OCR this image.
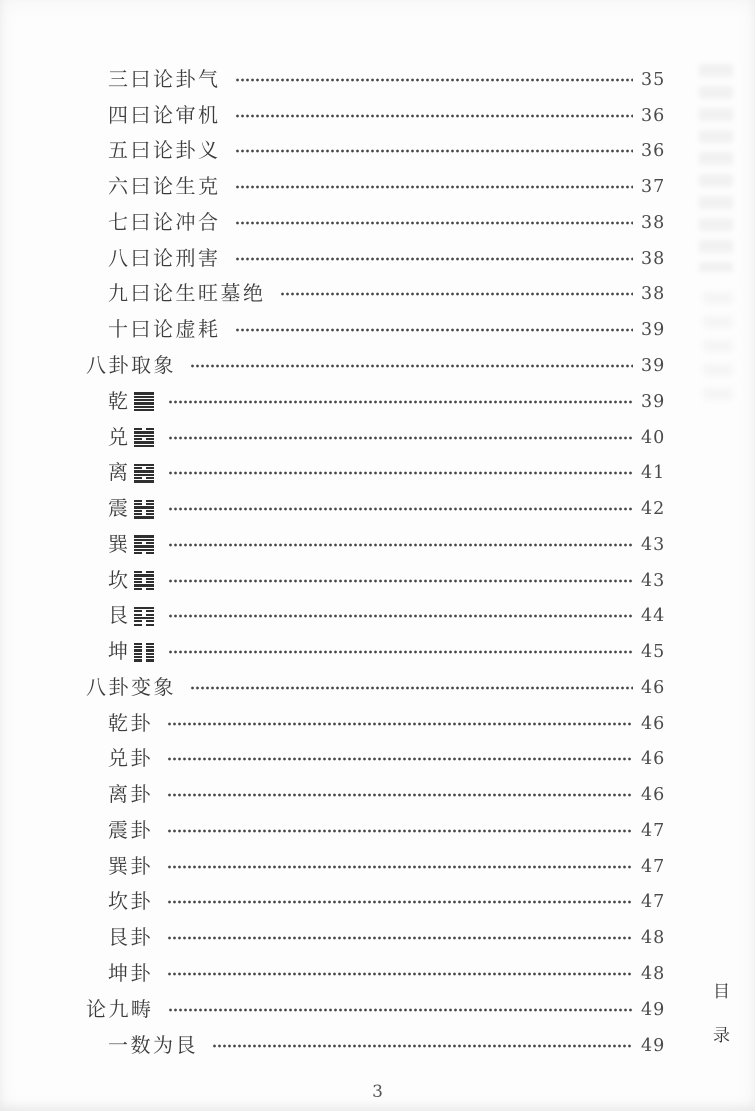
三曰论卦气	35
四曰论审机	36
五曰论卦义	36
六曰论生克	37
七曰论冲合	38
八曰论刑害	38
九曰论生旺墓绝	38
十曰论虚耗	39
八卦取象	39
乾	39
兑	40
离	41
震	42
巽	43
坎	43
艮	44
坤	45
八卦变象	46
乾卦	46
兑卦	46
离卦	46
震卦	47
巽卦	47
坎卦	47
艮卦	48
坤卦	48
论九畴	49
一数为艮	49
目
录
3
